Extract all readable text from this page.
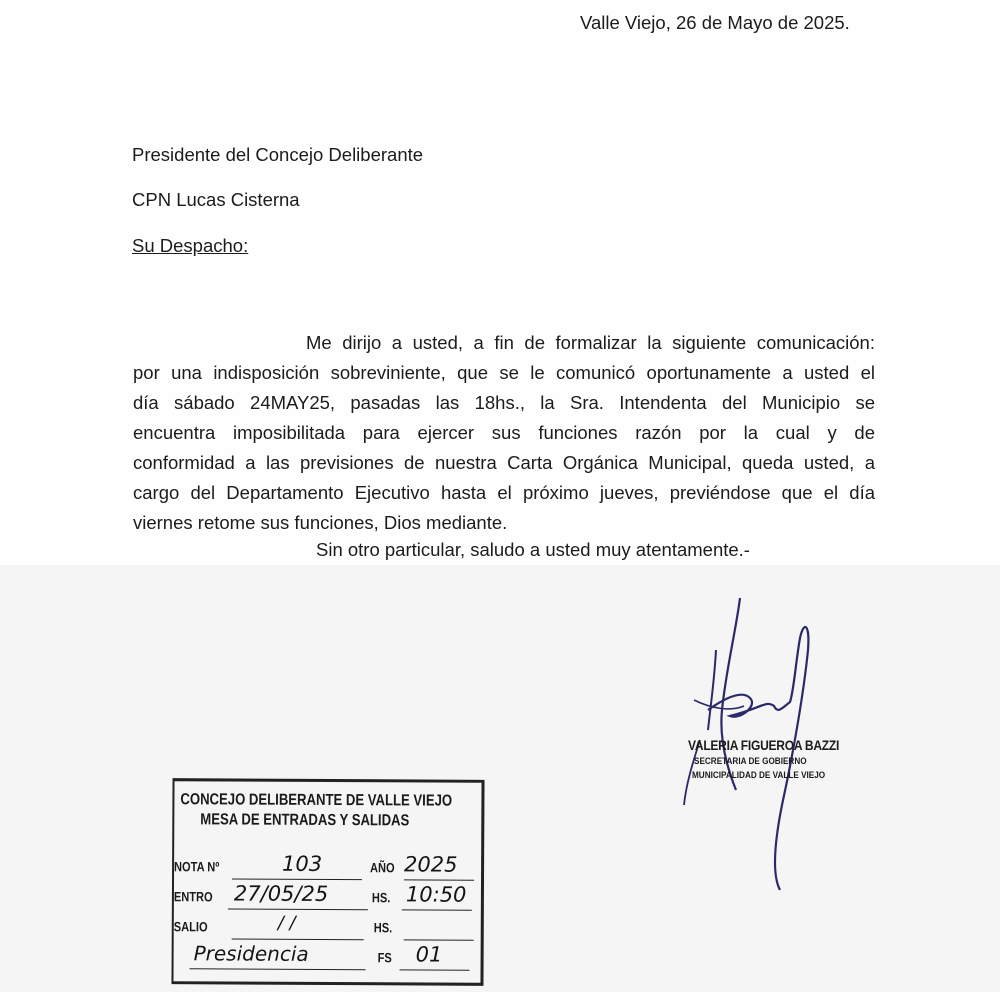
Valle Viejo, 26 de Mayo de 2025.
Presidente del Concejo Deliberante
CPN Lucas Cisterna
Su Despacho:
Me dirijo a usted, a fin de formalizar la siguiente comunicación:
por una indisposición sobreviniente, que se le comunicó oportunamente a usted el
día sábado 24MAY25, pasadas las 18hs., la Sra. Intendenta del Municipio se
encuentra imposibilitada para ejercer sus funciones razón por la cual y de
conformidad a las previsiones de nuestra Carta Orgánica Municipal, queda usted, a
cargo del Departamento Ejecutivo hasta el próximo jueves, previéndose que el día
viernes retome sus funciones, Dios mediante.
Sin otro particular, saludo a usted muy atentamente.-
VALERIA FIGUEROA BAZZI
SECRETARIA DE GOBIERNO
MUNICIPALIDAD DE VALLE VIEJO
CONCEJO DELIBERANTE DE VALLE VIEJO
MESA DE ENTRADAS Y SALIDAS
NOTA Nº	103	AÑO 2025
ENTRO 27/05/25	HS. 10:50
SALIO	/ /	HS.
Presidencia	FS 01
